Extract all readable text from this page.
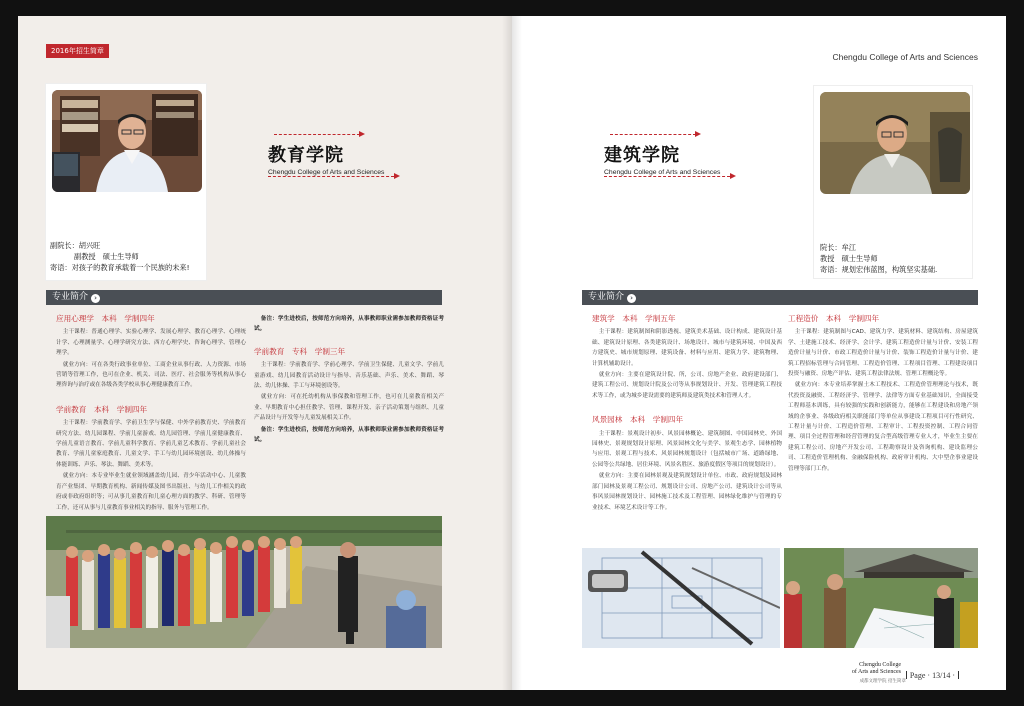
2016年招生简章
副院长：胡兴旺
副教授　硕士生导师
寄语：对孩子的教育承载着一个民族的未来!
教育学院
Chengdu College of Arts and Sciences
专业简介 ›
应用心理学　本科　学制四年

主干课程：普通心理学、实验心理学、发展心理学、教育心理学、心理统计学、心理测量学、心理学研究方法、西方心理学史、咨询心理学、管理心理学。

就业方向：可在各类行政事业单位、工商企业从事行政、人力资源、市场营销等管理工作，也可在企业、机关、司法、医疗、社会服务等机构从事心理咨询与治疗或在各级各类学校从事心理健康教育工作。

学前教育　本科　学制四年

主干课程：学前教育学、学前卫生学与保健、中外学前教育史、学前教育研究方法、幼儿园课程、学前儿童游戏、幼儿园管理、学前儿童健康教育、学前儿童语言教育、学前儿童科学教育、学前儿童艺术教育、学前儿童社会教育、学前儿童家庭教育、儿童文学、手工与幼儿园环境创设、幼儿体操与体能训练、声乐、琴法、舞蹈、美术等。

就业方向：本专业毕业生就业领域涵盖幼儿园、青少年活动中心、儿童教育产业集团、早期教育机构、新闻传媒及图书出版社、与幼儿工作相关的政府或非政府组织等；可从事儿童教育和儿童心理方面的教学、科研、管理等工作，还可从事与儿童教育事业相关的指导、服务与管理工作。

备注：学生进校后，按师范方向培养，从事教师职业需参加教师资格证考试。

学前教育　专科　学制三年

主干课程：学前教育学、学前心理学、学前卫生保健、儿童文学、学前儿童游戏、幼儿园教育活动设计与指导、音乐基础、声乐、美术、舞蹈、琴法、幼儿体操、手工与环境创设等。

就业方向：可在托幼机构从事保教和管理工作，也可在儿童教育相关产业、早期教育中心担任教学、管理、课程开发、亲子活动策划与组织、儿童产品设计与开发等与儿童发展相关工作。

备注：学生进校后，按师范方向培养，从事教师职业需参加教师资格证考试。

Chengdu College of Arts and Sciences
院长：牟江
教授　硕士生导师
寄语：规划宏伟蓝图，构筑坚实基础.
建筑学院
Chengdu College of Arts and Sciences
专业简介 ›
建筑学　本科　学制五年

主干课程：建筑制图和阴影透视、建筑美术基础、设计构成、建筑设计基础、建筑设计原理、各类建筑设计、场地设计、城市与建筑环境、中国及西方建筑史、城市规划原理、建筑设备、材料与应用、建筑力学、建筑物理、计算机辅助设计。

就业方向：主要在建筑设计院、所，公司、房地产企业、政府建设部门、建筑工程公司、规划设计院及公司等从事规划设计、开发、管理建筑工程技术等工作，或为城乡建设需要的建筑师及建筑类技术和管理人才。

风景园林　本科　学制四年

主干课程：景观设计初步、风景园林概论、建筑制图、中国园林史、外国园林史、景观规划设计原理、风景园林文化与美学、景观生态学、园林植物与应用、景观工程与技术、风景园林规划设计（包括城市广场、道路绿地、公园等公共绿地、居住环境、风景名胜区、旅游度假区等项目的规划设计）。

就业方向：主要在园林景观及建筑规划设计单位、市政、政府规划及园林部门园林及景观工程公司、规划设计公司、房地产公司、建筑设计公司等从事风景园林规划设计、园林施工技术及工程管理、园林绿化维护与管理的专业技术、环境艺术设计等工作。

工程造价　本科　学制四年

主干课程：建筑制图与CAD、建筑力学、建筑材料、建筑结构、房屋建筑学、土建施工技术、经济学、会计学、建筑工程造价计量与计价、安装工程造价计量与计价、市政工程造价计量与计价、装饰工程造价计量与计价、建筑工程招标管理与合同管理、工程造价管理、工程项目管理、工程建设项目投资与融资、房地产评估、建筑工程法律法规、管理工程概论等。

就业方向：本专业培养掌握土木工程技术、工程造价管理理论与技术，既代投资及融资、工程经济学、管理学、法律等方面专业基础知识，全面接受工程师基本训练，具有较强的实践和创新能力，能够在工程建设和房地产领域的企事业、各级政府相关职能部门等单位从事建设工程项目可行性研究、工程计量与计价、工程造价管理、工程审计、工程投资控制、工程合同管理、项目全过程管理和经营管理的复合型高级管理专业人才，毕业生主要在建筑工程公司、房地产开发公司、工程勘察设计及咨询机构、建设监理公司、工程造价管理机构、金融保险机构、政府审计机构、大中型企事业建设管理等部门工作。

Chengdu College
of Arts and Sciences
成都文理学院 招生简章
Page · 13/14 ·
